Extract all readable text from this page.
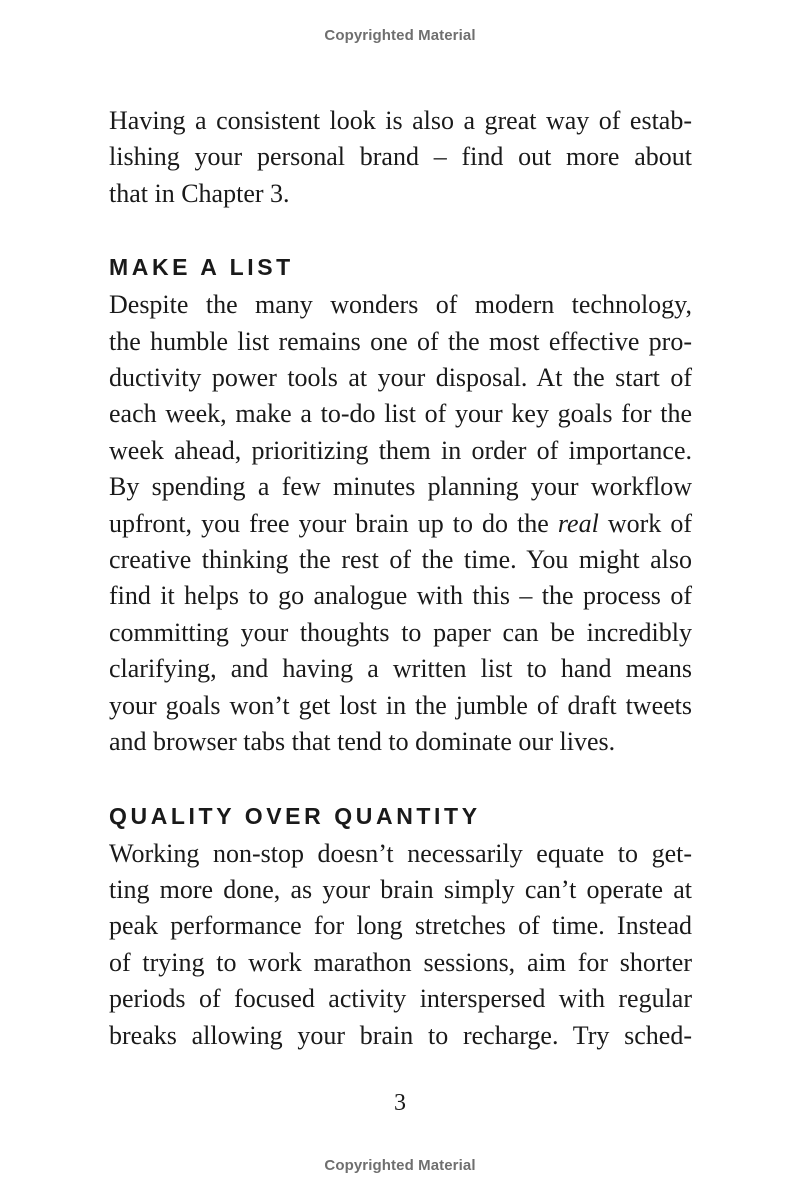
Copyrighted Material

Having a consistent look is also a great way of estab-
lishing your personal brand – find out more about
that in Chapter 3.

MAKE A LIST

Despite the many wonders of modern technology,
the humble list remains one of the most effective pro-
ductivity power tools at your disposal. At the start of
each week, make a to-do list of your key goals for the
week ahead, prioritizing them in order of importance.
By spending a few minutes planning your workflow
upfront, you free your brain up to do the real work of
creative thinking the rest of the time. You might also
find it helps to go analogue with this – the process of
committing your thoughts to paper can be incredibly
clarifying, and having a written list to hand means
your goals won’t get lost in the jumble of draft tweets
and browser tabs that tend to dominate our lives.

QUALITY OVER QUANTITY

Working non-stop doesn’t necessarily equate to get-
ting more done, as your brain simply can’t operate at
peak performance for long stretches of time. Instead
of trying to work marathon sessions, aim for shorter
periods of focused activity interspersed with regular
breaks allowing your brain to recharge. Try sched-

3
Copyrighted Material
